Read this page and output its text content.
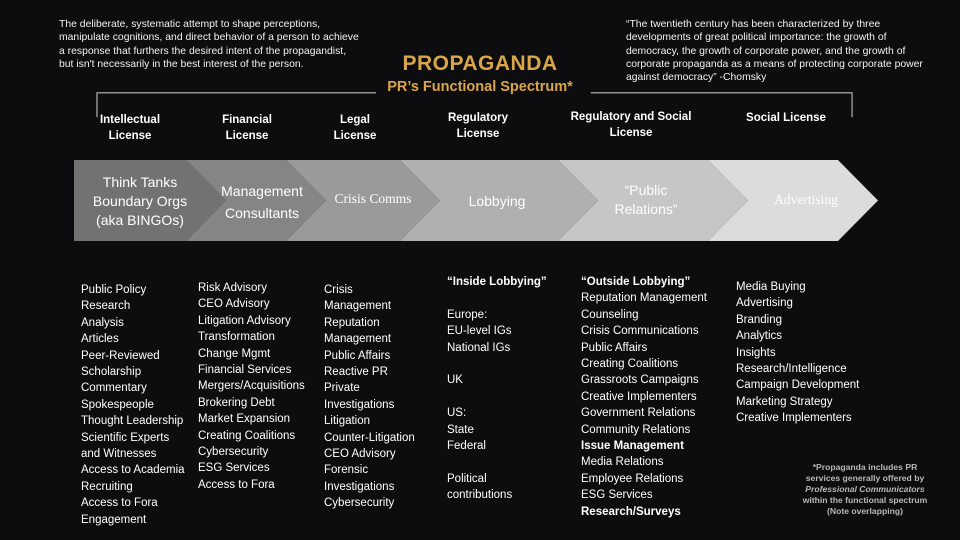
The deliberate, systematic attempt to shape perceptions, manipulate cognitions, and direct behavior of a person to achieve a response that furthers the desired intent of the propagandist, but isn't necessarily in the best interest of the person.
“The twentieth century has been characterized by three developments of great political importance: the growth of democracy, the growth of corporate power, and the growth of corporate propaganda as a means of protecting corporate power against democracy” -Chomsky
PROPAGANDA
PR’s Functional Spectrum*
Intellectual License
Financial License
Legal License
Regulatory License
Regulatory and Social License
Social License
Think Tanks Boundary Orgs (aka BINGOs)
Management Consultants
Crisis Comms	Lobbying
“Public Relations”
Advertising
Public Policy
Research
Analysis
Articles
Peer-Reviewed
Scholarship
Commentary
Spokespeople
Thought Leadership
Scientific Experts
and Witnesses
Access to Academia
Recruiting
Access to Fora
Engagement
Risk Advisory
CEO Advisory
Litigation Advisory
Transformation
Change Mgmt
Financial Services
Mergers/Acquisitions
Brokering Debt
Market Expansion
Creating Coalitions
Cybersecurity
ESG Services
Access to Fora
Crisis
Management
Reputation
Management
Public Affairs
Reactive PR
Private
Investigations
Litigation
Counter-Litigation
CEO Advisory
Forensic
Investigations
Cybersecurity
“Inside Lobbying”

Europe:
EU-level IGs
National IGs

UK

US:
State
Federal

Political
contributions
“Outside Lobbying”
Reputation Management
Counseling
Crisis Communications
Public Affairs
Creating Coalitions
Grassroots Campaigns
Creative Implementers
Government Relations
Community Relations
Issue Management
Media Relations
Employee Relations
ESG Services
Research/Surveys
Media Buying
Advertising
Branding
Analytics
Insights
Research/Intelligence
Campaign Development
Marketing Strategy
Creative Implementers
*Propaganda includes PR
services generally offered by
Professional Communicators
within the functional spectrum
(Note overlapping)
